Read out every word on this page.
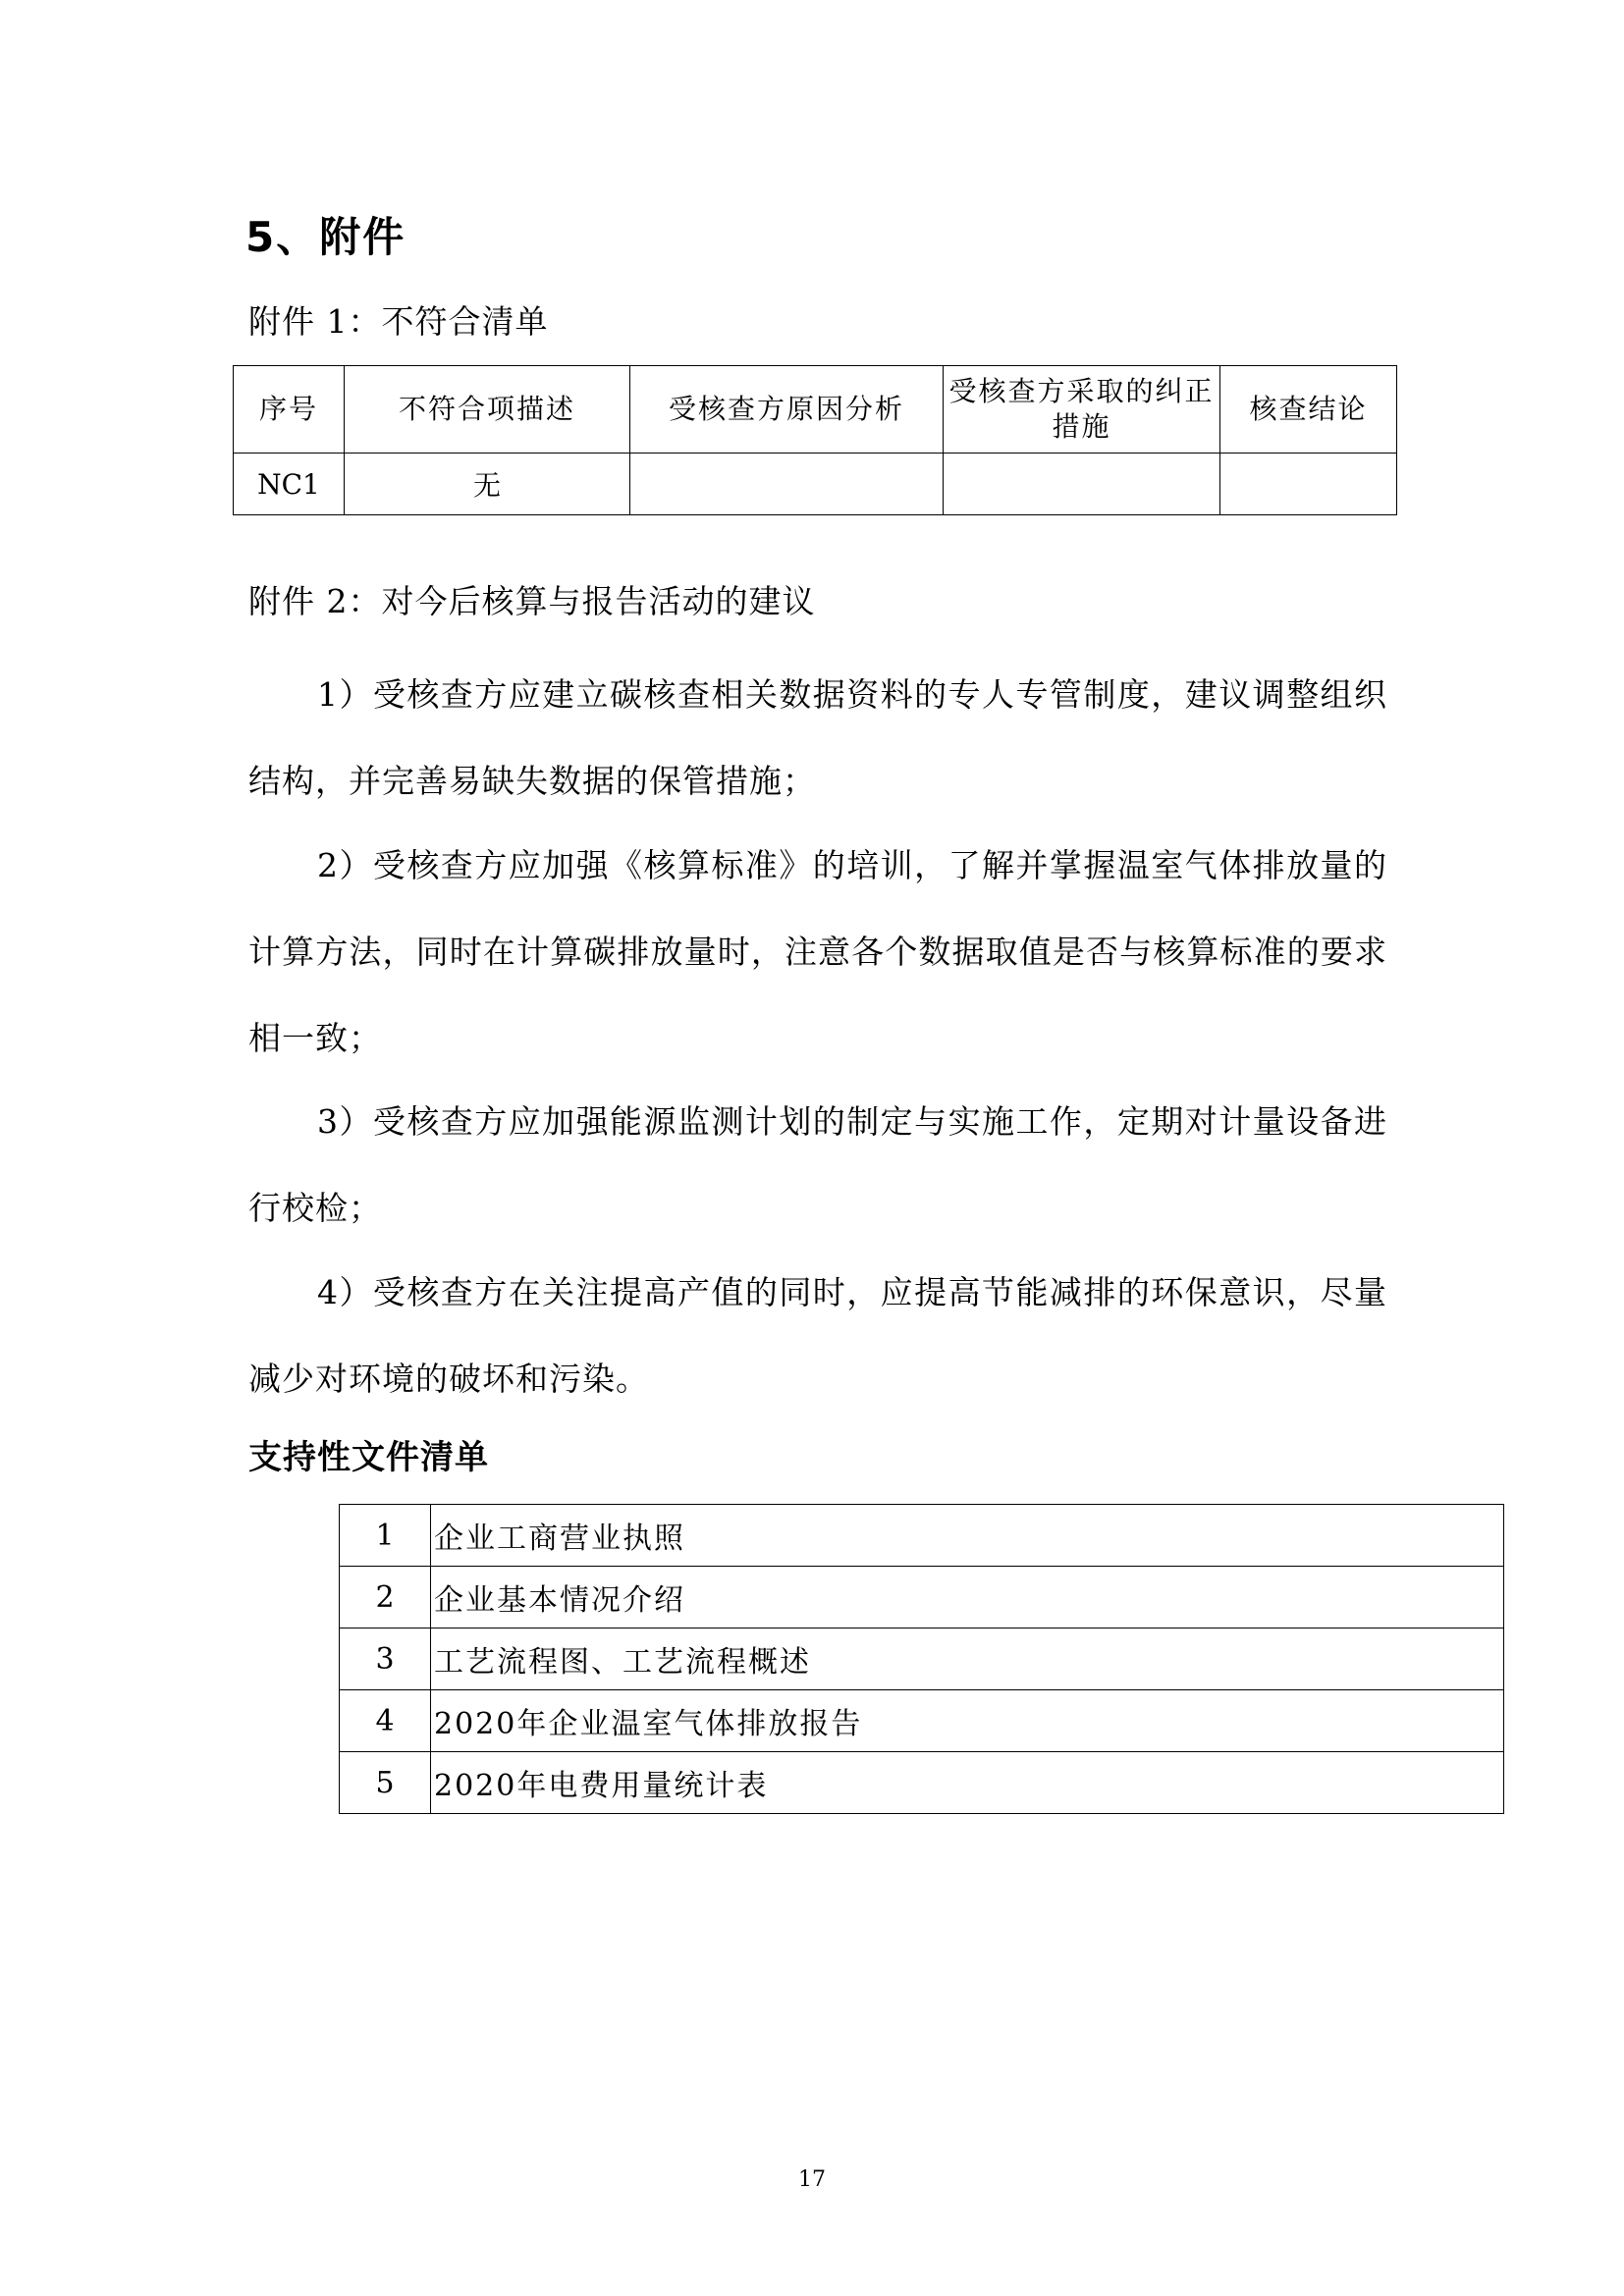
5、附件

附件 1：不符合清单

序号	不符合项描述	受核查方原因分析	受核查方采取的纠正措施	核查结论
NC1	无			

附件 2：对今后核算与报告活动的建议

1）受核查方应建立碳核查相关数据资料的专人专管制度，建议调整组织结构，并完善易缺失数据的保管措施；

2）受核查方应加强《核算标准》的培训，了解并掌握温室气体排放量的计算方法，同时在计算碳排放量时，注意各个数据取值是否与核算标准的要求相一致；

3）受核查方应加强能源监测计划的制定与实施工作，定期对计量设备进行校检；

4）受核查方在关注提高产值的同时，应提高节能减排的环保意识，尽量减少对环境的破坏和污染。

支持性文件清单
1	企业工商营业执照
2	企业基本情况介绍
3	工艺流程图、工艺流程概述
4	2020年企业温室气体排放报告
5	2020年电费用量统计表

17
